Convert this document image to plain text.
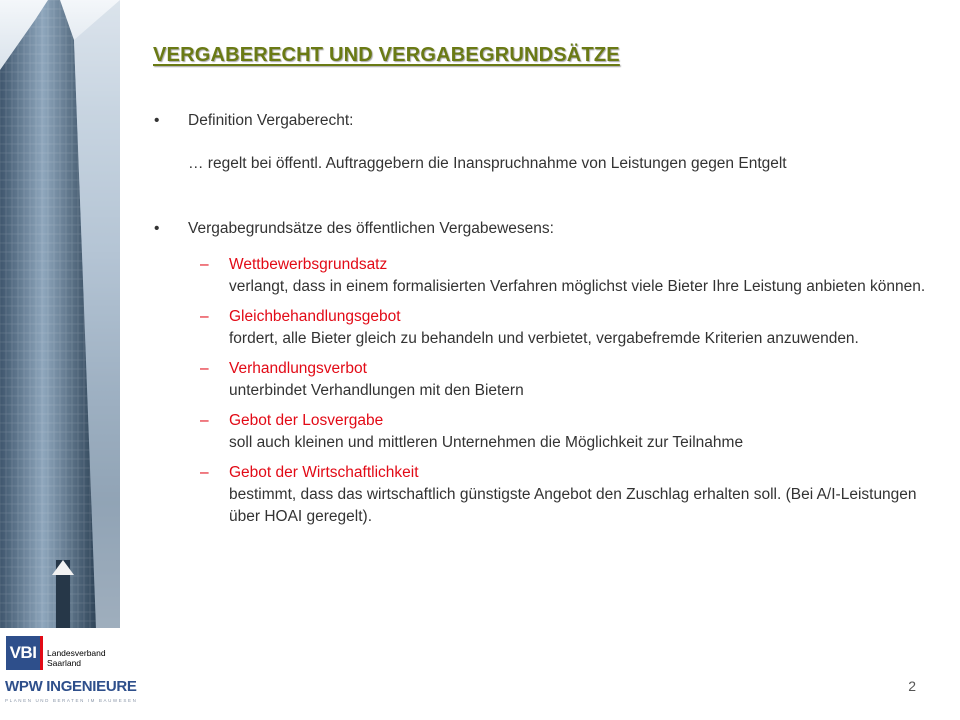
VERGABERECHT UND VERGABEGRUNDSÄTZE
• Definition Vergaberecht:
… regelt bei öffentl. Auftraggebern die Inanspruchnahme von Leistungen gegen Entgelt
• Vergabegrundsätze des öffentlichen Vergabewesens:
– Wettbewerbsgrundsatz
verlangt, dass in einem formalisierten Verfahren möglichst viele Bieter Ihre Leistung anbieten können.
– Gleichbehandlungsgebot
fordert, alle Bieter gleich zu behandeln und verbietet, vergabefremde Kriterien anzuwenden.
– Verhandlungsverbot
unterbindet Verhandlungen mit den Bietern
– Gebot der Losvergabe
soll auch kleinen und mittleren Unternehmen die Möglichkeit zur Teilnahme
– Gebot der Wirtschaftlichkeit
bestimmt, dass das wirtschaftlich günstigste Angebot den Zuschlag erhalten soll. (Bei A/I-Leistungen über HOAI geregelt).
VBI	Landesverband
Saarland
WPW INGENIEURE
PLANEN UND BERATEN IM BAUWESEN
2
